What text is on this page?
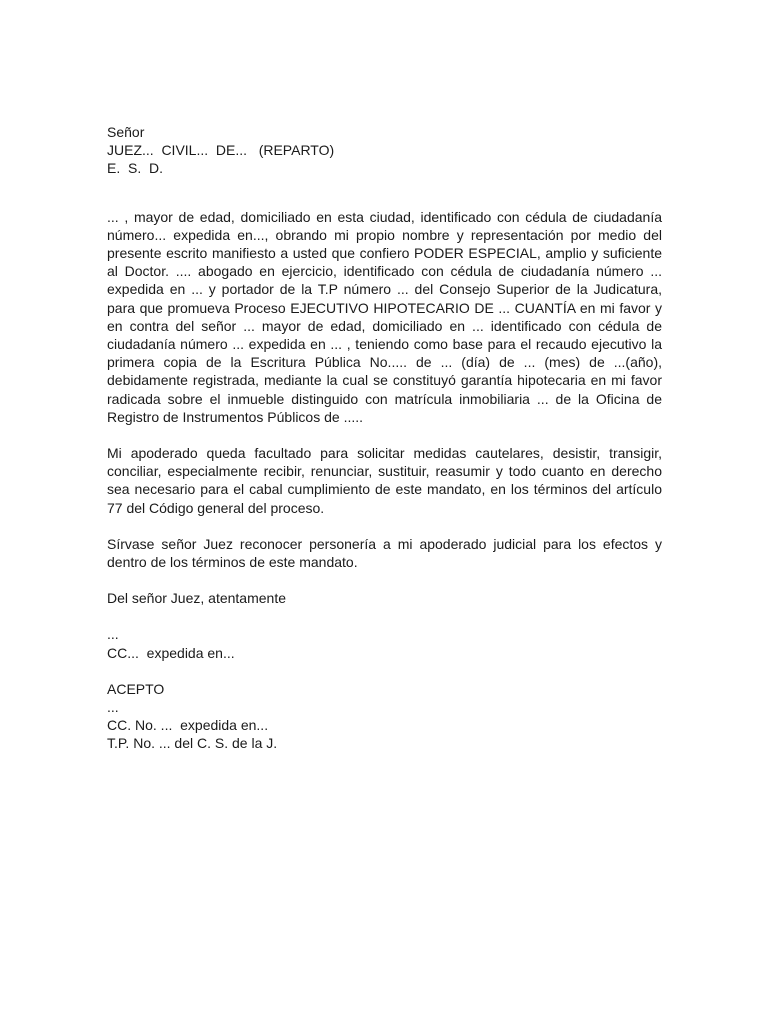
Señor
JUEZ...  CIVIL...  DE...   (REPARTO)
E.  S.  D.

... , mayor de edad, domiciliado en esta ciudad, identificado con cédula de ciudadanía número... expedida en..., obrando mi propio nombre y representación por medio del presente escrito manifiesto a usted que confiero PODER ESPECIAL, amplio y suficiente al Doctor. .... abogado en ejercicio, identificado con cédula de ciudadanía número ... expedida en ... y portador de la T.P número ... del Consejo Superior de la Judicatura, para que promueva Proceso EJECUTIVO HIPOTECARIO DE ... CUANTÍA en mi favor y en contra del señor ... mayor de edad, domiciliado en ... identificado con cédula de ciudadanía número ... expedida en ... , teniendo como base para el recaudo ejecutivo la primera copia de la Escritura Pública No..... de ... (día) de ... (mes) de ...(año), debidamente registrada, mediante la cual se constituyó garantía hipotecaria en mi favor radicada sobre el inmueble distinguido con matrícula inmobiliaria ... de la Oficina de Registro de Instrumentos Públicos de .....

Mi apoderado queda facultado para solicitar medidas cautelares, desistir, transigir, conciliar, especialmente recibir, renunciar, sustituir, reasumir y todo cuanto en derecho sea necesario para el cabal cumplimiento de este mandato, en los términos del artículo 77 del Código general del proceso.

Sírvase señor Juez reconocer personería a mi apoderado judicial para los efectos y dentro de los términos de este mandato.

Del señor Juez, atentamente
...
CC...  expedida en...
ACEPTO
...
CC. No. ...  expedida en...
T.P. No. ... del C. S. de la J.
